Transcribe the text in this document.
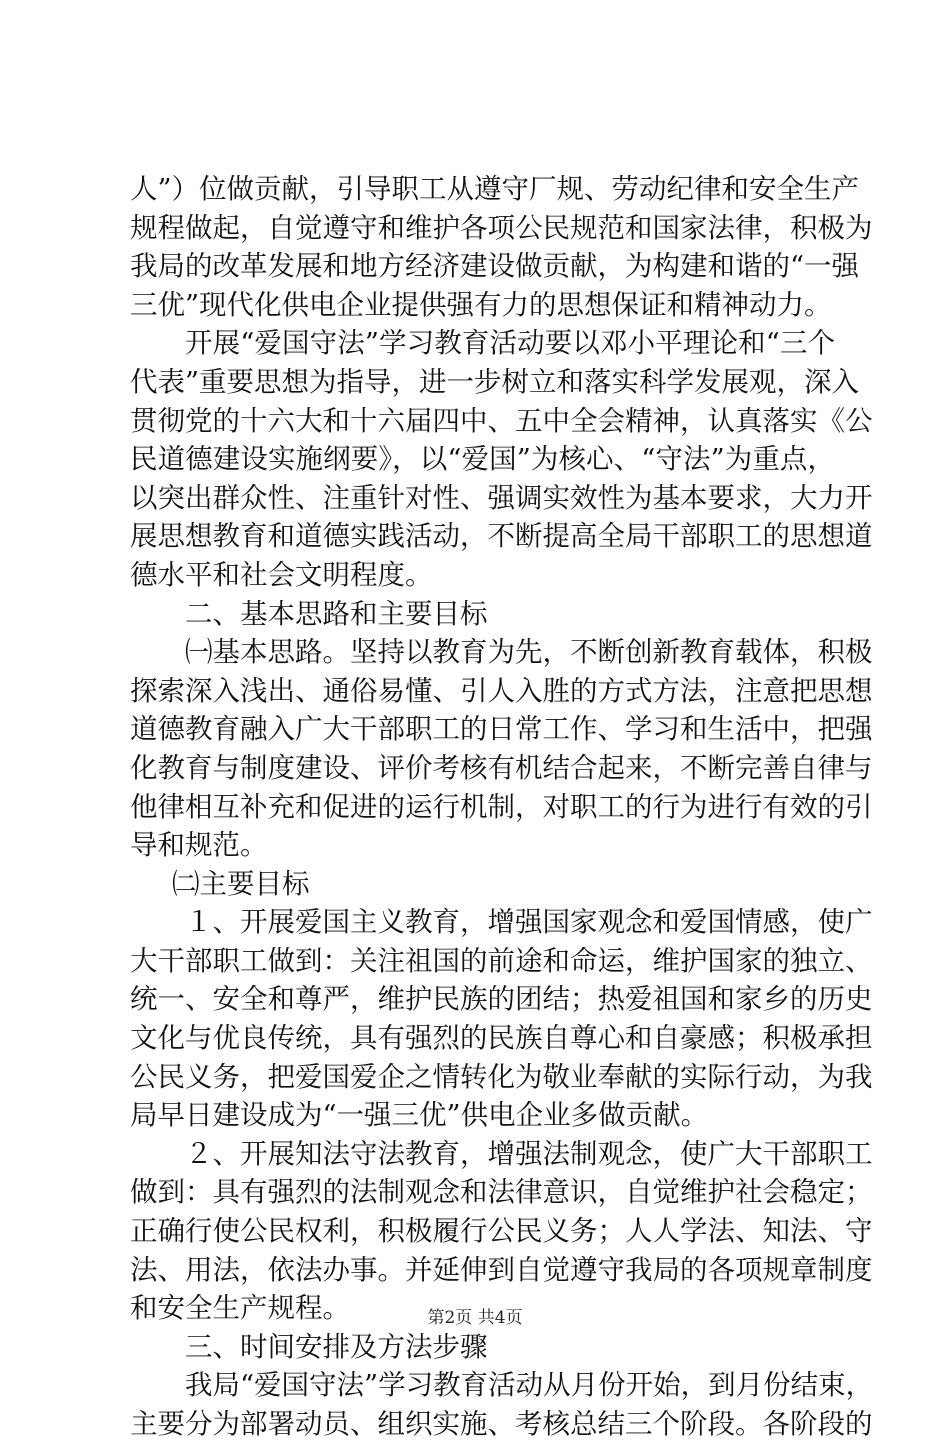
人”）位做贡献，引导职工从遵守厂规、劳动纪律和安全生产
规程做起，自觉遵守和维护各项公民规范和国家法律，积极为
我局的改革发展和地方经济建设做贡献，为构建和谐的“一强
三优”现代化供电企业提供强有力的思想保证和精神动力。
开展“爱国守法”学习教育活动要以邓小平理论和“三个
代表”重要思想为指导，进一步树立和落实科学发展观，深入
贯彻党的十六大和十六届四中、五中全会精神，认真落实《公
民道德建设实施纲要》，以“爱国”为核心、“守法”为重点，
以突出群众性、注重针对性、强调实效性为基本要求，大力开
展思想教育和道德实践活动，不断提高全局干部职工的思想道
德水平和社会文明程度。
二、基本思路和主要目标
㈠基本思路。坚持以教育为先，不断创新教育载体，积极
探索深入浅出、通俗易懂、引人入胜的方式方法，注意把思想
道德教育融入广大干部职工的日常工作、学习和生活中，把强
化教育与制度建设、评价考核有机结合起来，不断完善自律与
他律相互补充和促进的运行机制，对职工的行为进行有效的引
导和规范。
㈡主要目标
１、开展爱国主义教育，增强国家观念和爱国情感，使广
大干部职工做到：关注祖国的前途和命运，维护国家的独立、
统一、安全和尊严，维护民族的团结；热爱祖国和家乡的历史
文化与优良传统，具有强烈的民族自尊心和自豪感；积极承担
公民义务，把爱国爱企之情转化为敬业奉献的实际行动，为我
局早日建设成为“一强三优”供电企业多做贡献。
２、开展知法守法教育，增强法制观念，使广大干部职工
做到：具有强烈的法制观念和法律意识，自觉维护社会稳定；
正确行使公民权利，积极履行公民义务；人人学法、知法、守
法、用法，依法办事。并延伸到自觉遵守我局的各项规章制度
和安全生产规程。
三、时间安排及方法步骤
我局“爱国守法”学习教育活动从月份开始，到月份结束，
主要分为部署动员、组织实施、考核总结三个阶段。各阶段的
第2页 共4页
